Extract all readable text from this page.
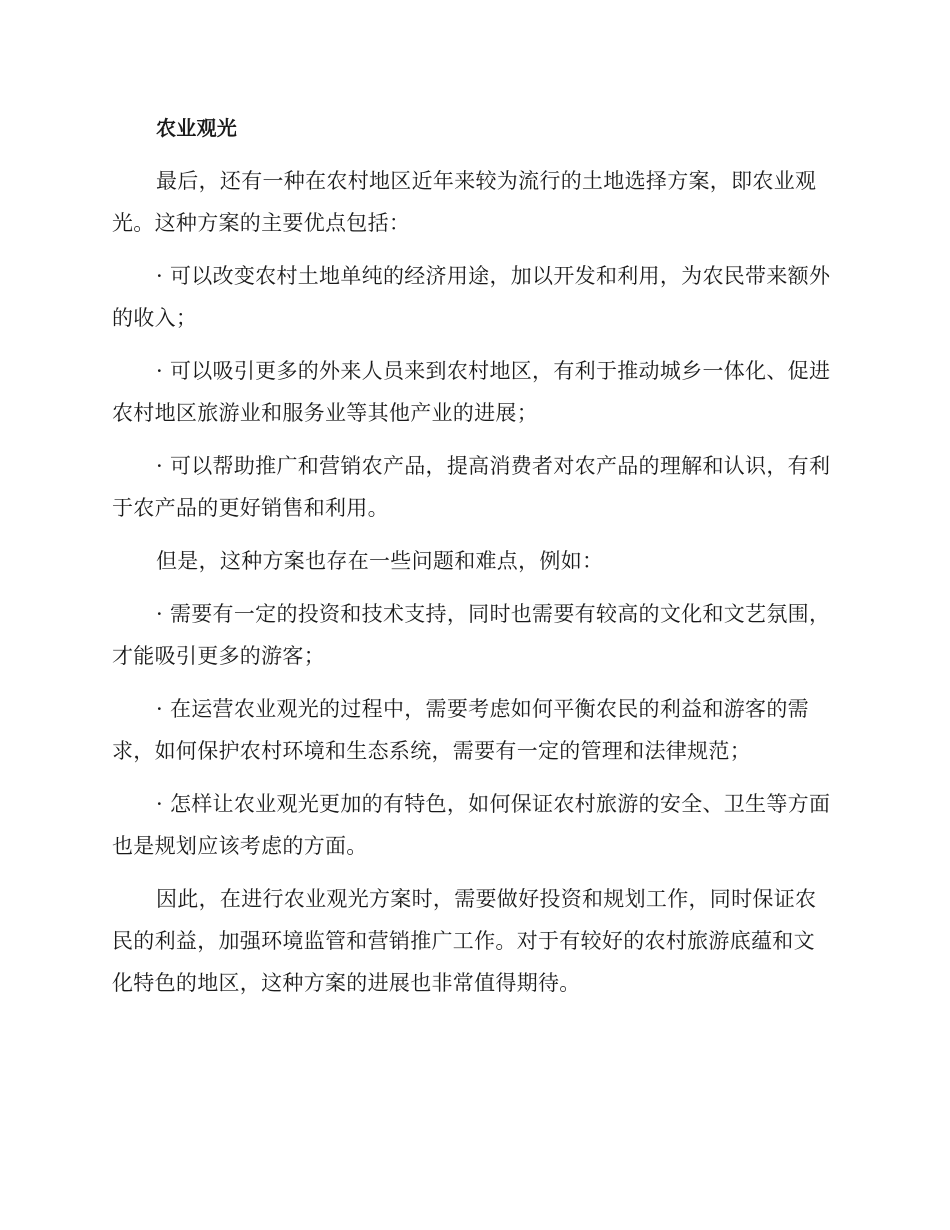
农业观光

最后，还有一种在农村地区近年来较为流行的土地选择方案，即农业观光。这种方案的主要优点包括：

· 可以改变农村土地单纯的经济用途，加以开发和利用，为农民带来额外的收入；

· 可以吸引更多的外来人员来到农村地区，有利于推动城乡一体化、促进农村地区旅游业和服务业等其他产业的进展；

· 可以帮助推广和营销农产品，提高消费者对农产品的理解和认识，有利于农产品的更好销售和利用。

但是，这种方案也存在一些问题和难点，例如：

· 需要有一定的投资和技术支持，同时也需要有较高的文化和文艺氛围，才能吸引更多的游客；

· 在运营农业观光的过程中，需要考虑如何平衡农民的利益和游客的需求，如何保护农村环境和生态系统，需要有一定的管理和法律规范；

· 怎样让农业观光更加的有特色，如何保证农村旅游的安全、卫生等方面也是规划应该考虑的方面。

因此，在进行农业观光方案时，需要做好投资和规划工作，同时保证农民的利益，加强环境监管和营销推广工作。对于有较好的农村旅游底蕴和文化特色的地区，这种方案的进展也非常值得期待。
